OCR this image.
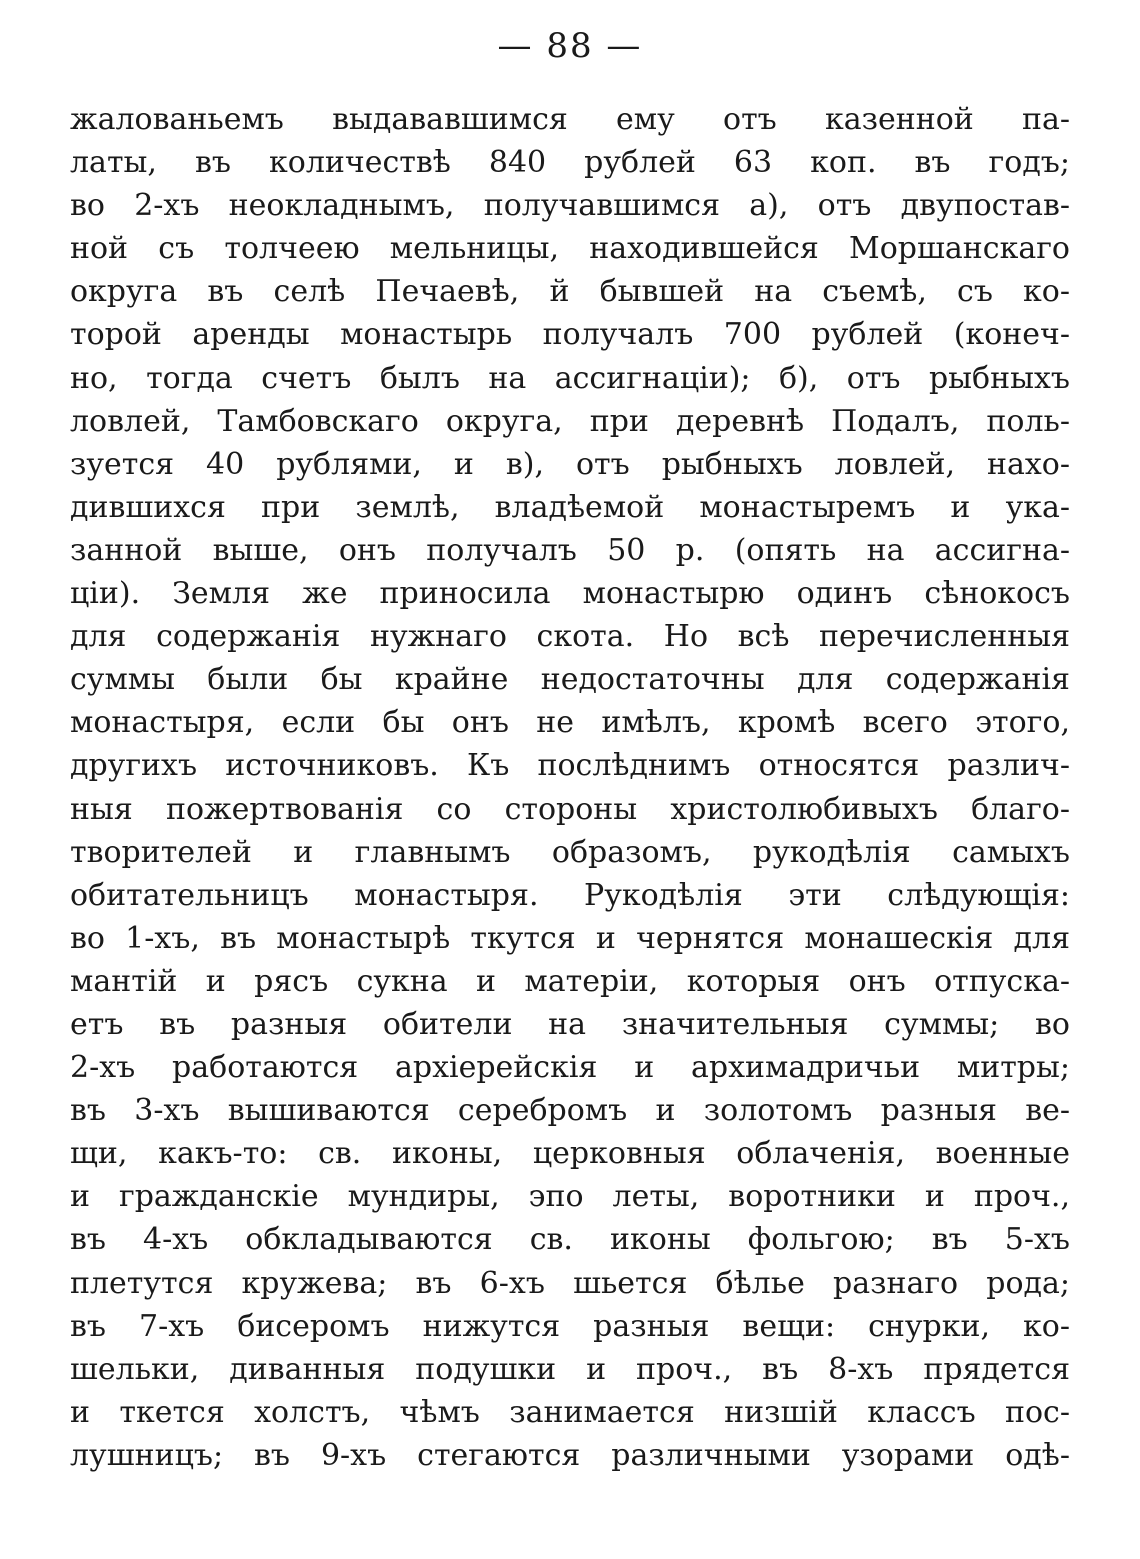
— 88 —
жалованьемъ выдававшимся ему отъ казенной па-
латы, въ количествѣ 840 рублей 63 коп. въ годъ;
во 2-хъ неокладнымъ, получавшимся а), отъ двупостав-
ной съ толчеею мельницы, находившейся Моршанскаго
округа въ селѣ Печаевѣ, й бывшей на съемѣ, съ ко-
торой аренды монастырь получалъ 700 рублей (конеч-
но, тогда счетъ былъ на ассигнаціи); б), отъ рыбныхъ
ловлей, Тамбовскаго округа, при деревнѣ Подалъ, поль-
зуется 40 рублями, и в), отъ рыбныхъ ловлей, нахо-
дившихся при землѣ, владѣемой монастыремъ и ука-
занной выше, онъ получалъ 50 р. (опять на ассигна-
ціи). Земля же приносила монастырю одинъ сѣнокосъ
для содержанія нужнаго скота. Но всѣ перечисленныя
суммы были бы крайне недостаточны для содержанія
монастыря, если бы онъ не имѣлъ, кромѣ всего этого,
другихъ источниковъ. Къ послѣднимъ относятся различ-
ныя пожертвованія со стороны христолюбивыхъ благо-
творителей и главнымъ образомъ, рукодѣлія самыхъ
обитательницъ монастыря. Рукодѣлія эти слѣдующія:
во 1-хъ, въ монастырѣ ткутся и чернятся монашескія для
мантій и рясъ сукна и матеріи, которыя онъ отпуска-
етъ въ разныя обители на значительныя суммы; во
2-хъ работаются архіерейскія и архимадричьи митры;
въ 3-хъ вышиваются серебромъ и золотомъ разныя ве-
щи, какъ-то: св. иконы, церковныя облаченія, военные
и гражданскіе мундиры, эпо леты, воротники и проч.,
въ 4-хъ обкладываются св. иконы фольгою; въ 5-хъ
плетутся кружева; въ 6-хъ шьется бѣлье разнаго рода;
въ 7-хъ бисеромъ нижутся разныя вещи: снурки, ко-
шельки, диванныя подушки и проч., въ 8-хъ прядется
и ткется холстъ, чѣмъ занимается низшій классъ пос-
лушницъ; въ 9-хъ стегаются различными узорами одѣ-
